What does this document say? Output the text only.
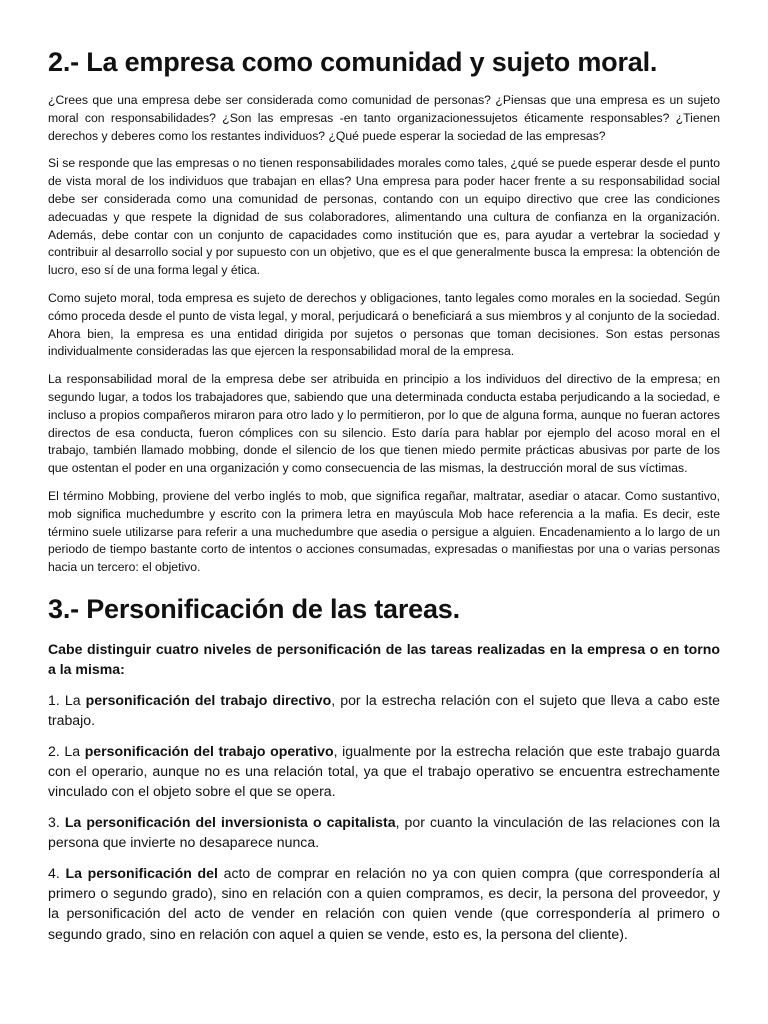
2.- La empresa como comunidad y sujeto moral.

¿Crees que una empresa debe ser considerada como comunidad de personas? ¿Piensas que una empresa es un sujeto moral con responsabilidades? ¿Son las empresas -en tanto organizacionessujetos éticamente responsables? ¿Tienen derechos y deberes como los restantes individuos? ¿Qué puede esperar la sociedad de las empresas?

Si se responde que las empresas o no tienen responsabilidades morales como tales, ¿qué se puede esperar desde el punto de vista moral de los individuos que trabajan en ellas? Una empresa para poder hacer frente a su responsabilidad social debe ser considerada como una comunidad de personas, contando con un equipo directivo que cree las condiciones adecuadas y que respete la dignidad de sus colaboradores, alimentando una cultura de confianza en la organización. Además, debe contar con un conjunto de capacidades como institución que es, para ayudar a vertebrar la sociedad y contribuir al desarrollo social y por supuesto con un objetivo, que es el que generalmente busca la empresa: la obtención de lucro, eso sí de una forma legal y ética.

Como sujeto moral, toda empresa es sujeto de derechos y obligaciones, tanto legales como morales en la sociedad. Según cómo proceda desde el punto de vista legal, y moral, perjudicará o beneficiará a sus miembros y al conjunto de la sociedad. Ahora bien, la empresa es una entidad dirigida por sujetos o personas que toman decisiones. Son estas personas individualmente consideradas las que ejercen la responsabilidad moral de la empresa.

La responsabilidad moral de la empresa debe ser atribuida en principio a los individuos del directivo de la empresa; en segundo lugar, a todos los trabajadores que, sabiendo que una determinada conducta estaba perjudicando a la sociedad, e incluso a propios compañeros miraron para otro lado y lo permitieron, por lo que de alguna forma, aunque no fueran actores directos de esa conducta, fueron cómplices con su silencio. Esto daría para hablar por ejemplo del acoso moral en el trabajo, también llamado mobbing, donde el silencio de los que tienen miedo permite prácticas abusivas por parte de los que ostentan el poder en una organización y como consecuencia de las mismas, la destrucción moral de sus víctimas.

El término Mobbing, proviene del verbo inglés to mob, que significa regañar, maltratar, asediar o atacar. Como sustantivo, mob significa muchedumbre y escrito con la primera letra en mayúscula Mob hace referencia a la mafia. Es decir, este término suele utilizarse para referir a una muchedumbre que asedia o persigue a alguien. Encadenamiento a lo largo de un periodo de tiempo bastante corto de intentos o acciones consumadas, expresadas o manifiestas por una o varias personas hacia un tercero: el objetivo.

3.- Personificación de las tareas.

Cabe distinguir cuatro niveles de personificación de las tareas realizadas en la empresa o en torno a la misma:

1. La personificación del trabajo directivo, por la estrecha relación con el sujeto que lleva a cabo este trabajo.

2. La personificación del trabajo operativo, igualmente por la estrecha relación que este trabajo guarda con el operario, aunque no es una relación total, ya que el trabajo operativo se encuentra estrechamente vinculado con el objeto sobre el que se opera.

3. La personificación del inversionista o capitalista, por cuanto la vinculación de las relaciones con la persona que invierte no desaparece nunca.

4. La personificación del acto de comprar en relación no ya con quien compra (que correspondería al primero o segundo grado), sino en relación con a quien compramos, es decir, la persona del proveedor, y la personificación del acto de vender en relación con quien vende (que correspondería al primero o segundo grado, sino en relación con aquel a quien se vende, esto es, la persona del cliente).
